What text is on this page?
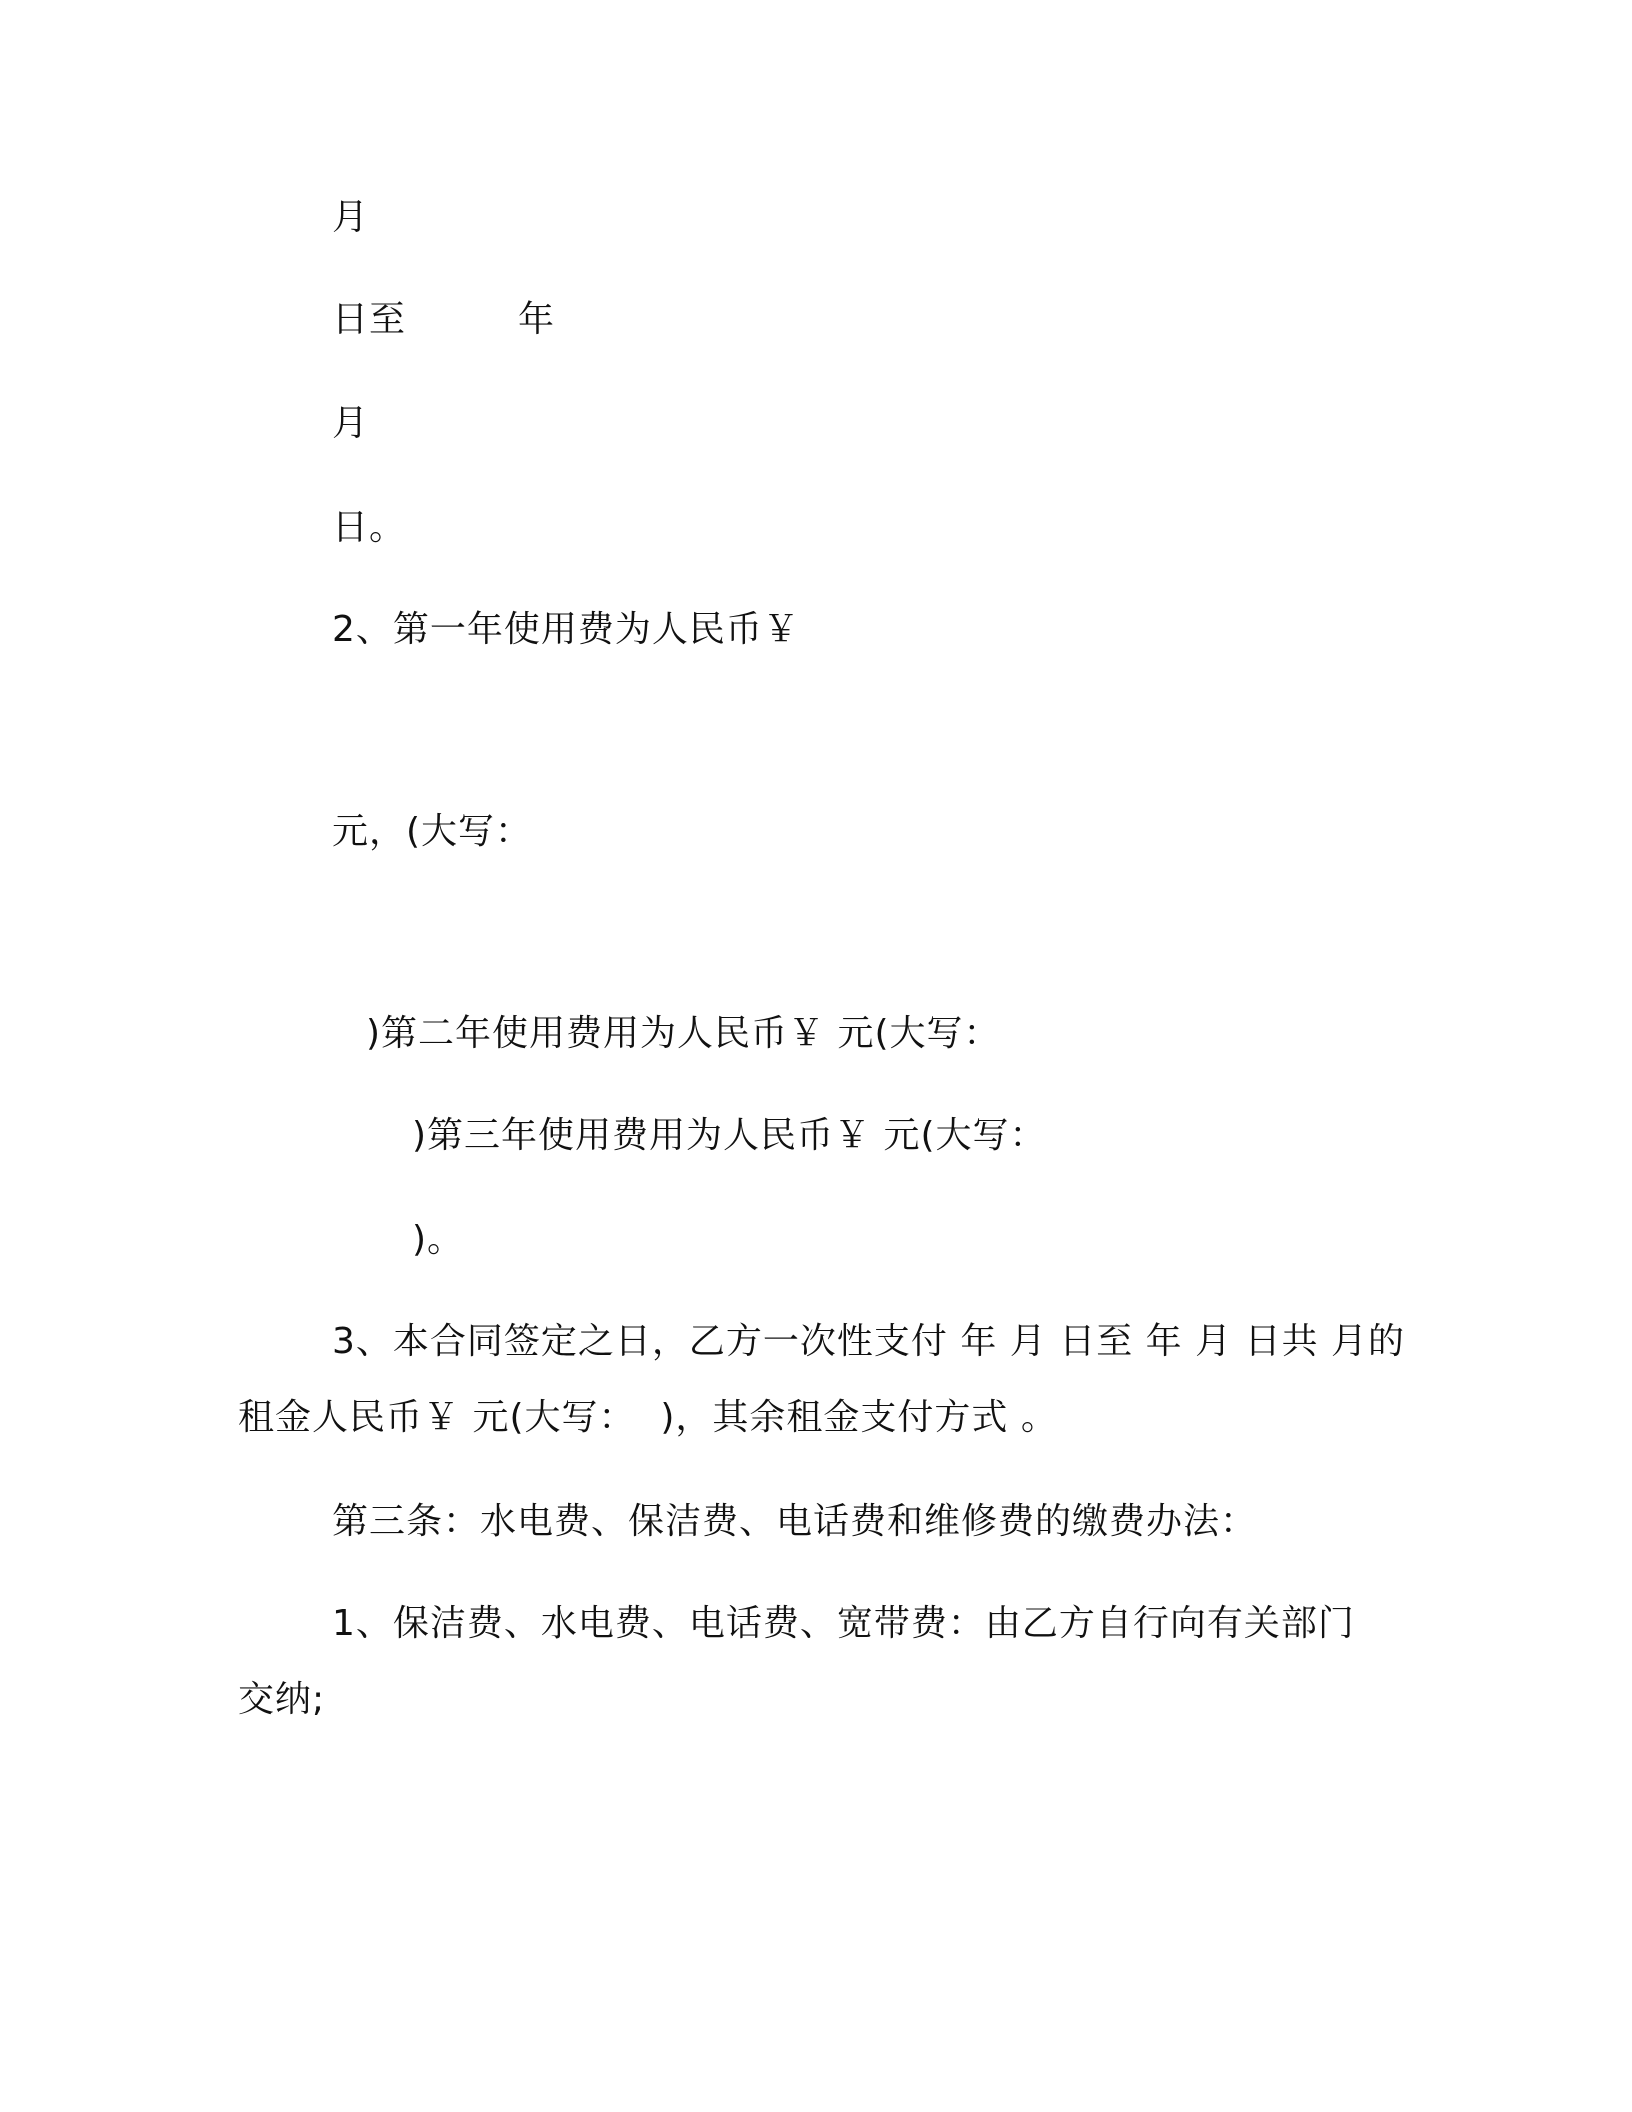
月
日至         年
月
日。
2、第一年使用费为人民币￥
元，(大写：
)第二年使用费用为人民币￥ 元(大写：
)第三年使用费用为人民币￥ 元(大写：
)。
3、本合同签定之日，乙方一次性支付 年 月 日至 年 月 日共 月的
租金人民币￥ 元(大写：  )，其余租金支付方式 。
第三条：水电费、保洁费、电话费和维修费的缴费办法：
1、保洁费、水电费、电话费、宽带费：由乙方自行向有关部门
交纳;
